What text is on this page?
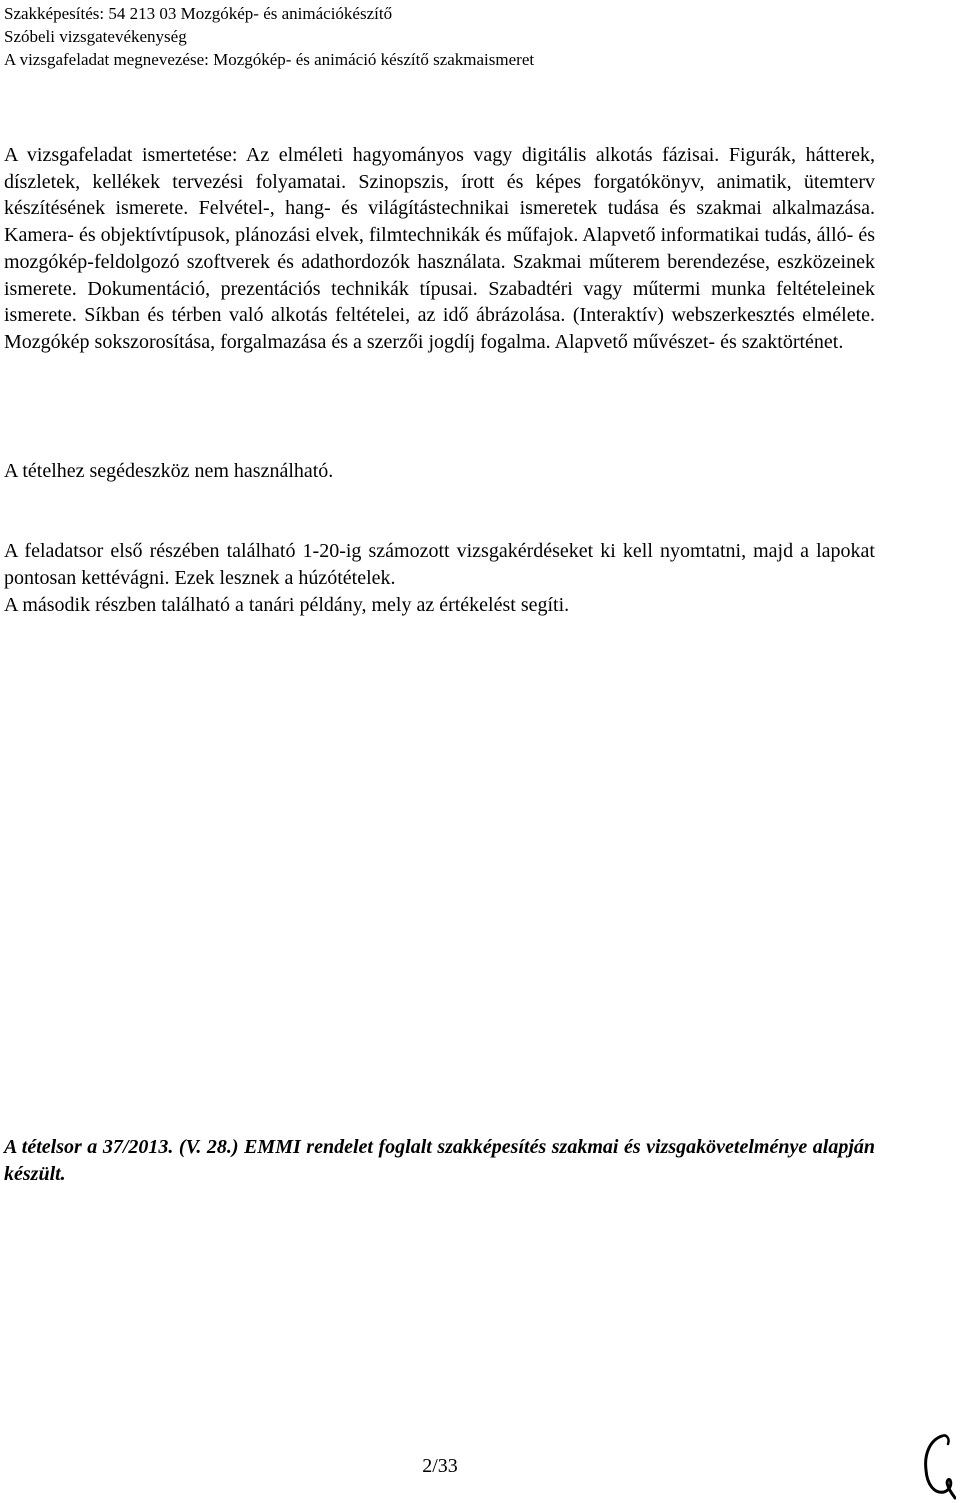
Szakképesítés: 54 213 03 Mozgókép- és animációkészítő
Szóbeli vizsgatevékenység
A vizsgafeladat megnevezése: Mozgókép- és animáció készítő szakmaismeret

A vizsgafeladat ismertetése: Az elméleti hagyományos vagy digitális alkotás fázisai. Figurák, hátterek, díszletek, kellékek tervezési folyamatai. Szinopszis, írott és képes forgatókönyv, animatik, ütemterv készítésének ismerete. Felvétel-, hang- és világítástechnikai ismeretek tudása és szakmai alkalmazása. Kamera- és objektívtípusok, plánozási elvek, filmtechnikák és műfajok. Alapvető informatikai tudás, álló- és mozgókép-feldolgozó szoftverek és adathordozók használata. Szakmai műterem berendezése, eszközeinek ismerete. Dokumentáció, prezentációs technikák típusai. Szabadtéri vagy műtermi munka feltételeinek ismerete. Síkban és térben való alkotás feltételei, az idő ábrázolása. (Interaktív) webszerkesztés elmélete. Mozgókép sokszorosítása, forgalmazása és a szerzői jogdíj fogalma. Alapvető művészet- és szaktörténet.

A tételhez segédeszköz nem használható.

A feladatsor első részében található 1-20-ig számozott vizsgakérdéseket ki kell nyomtatni, majd a lapokat pontosan kettévágni. Ezek lesznek a húzótételek.

A második részben található a tanári példány, mely az értékelést segíti.

A tételsor a 37/2013. (V. 28.) EMMI rendelet foglalt szakképesítés szakmai és vizsgakövetelménye alapján készült.

2/33
